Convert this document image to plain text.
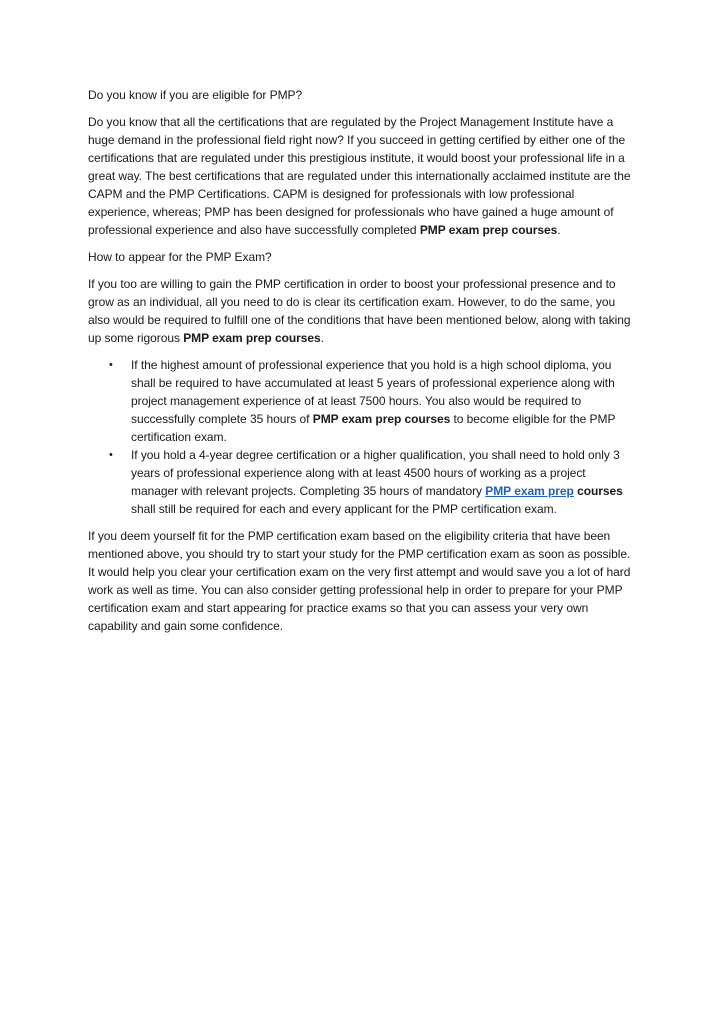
Do you know if you are eligible for PMP?

Do you know that all the certifications that are regulated by the Project Management Institute have a huge demand in the professional field right now? If you succeed in getting certified by either one of the certifications that are regulated under this prestigious institute, it would boost your professional life in a great way. The best certifications that are regulated under this internationally acclaimed institute are the CAPM and the PMP Certifications. CAPM is designed for professionals with low professional experience, whereas; PMP has been designed for professionals who have gained a huge amount of professional experience and also have successfully completed PMP exam prep courses.

How to appear for the PMP Exam?

If you too are willing to gain the PMP certification in order to boost your professional presence and to grow as an individual, all you need to do is clear its certification exam. However, to do the same, you also would be required to fulfill one of the conditions that have been mentioned below, along with taking up some rigorous PMP exam prep courses.

• If the highest amount of professional experience that you hold is a high school diploma, you shall be required to have accumulated at least 5 years of professional experience along with project management experience of at least 7500 hours. You also would be required to successfully complete 35 hours of PMP exam prep courses to become eligible for the PMP certification exam.
• If you hold a 4-year degree certification or a higher qualification, you shall need to hold only 3 years of professional experience along with at least 4500 hours of working as a project manager with relevant projects. Completing 35 hours of mandatory PMP exam prep courses shall still be required for each and every applicant for the PMP certification exam.

If you deem yourself fit for the PMP certification exam based on the eligibility criteria that have been mentioned above, you should try to start your study for the PMP certification exam as soon as possible. It would help you clear your certification exam on the very first attempt and would save you a lot of hard work as well as time. You can also consider getting professional help in order to prepare for your PMP certification exam and start appearing for practice exams so that you can assess your very own capability and gain some confidence.
